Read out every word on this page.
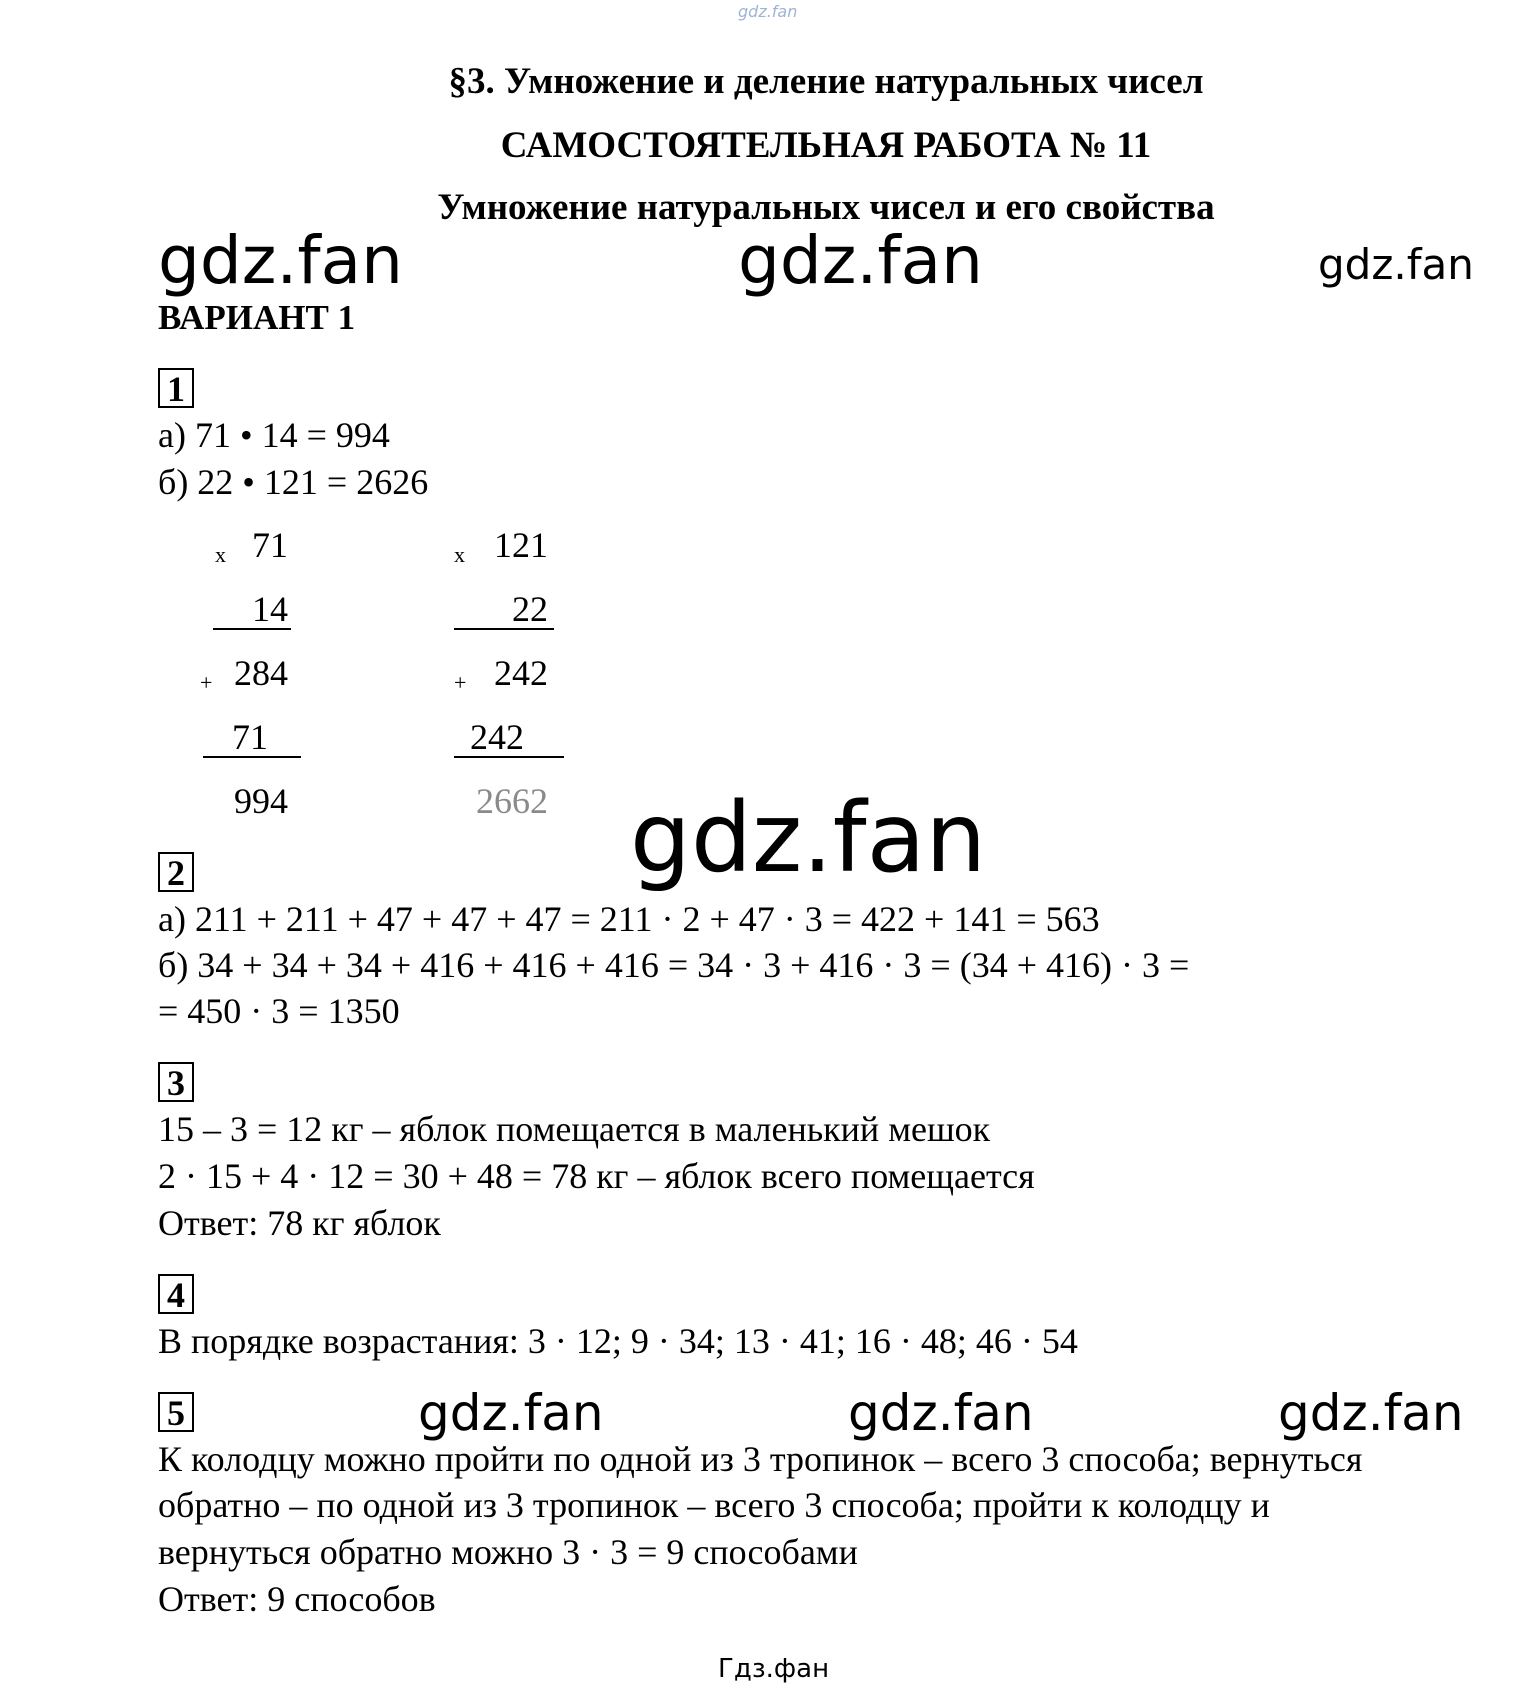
gdz.fan
§3. Умножение и деление натуральных чисел
САМОСТОЯТЕЛЬНАЯ РАБОТА № 11
Умножение натуральных чисел и его свойства
gdz.fan	gdz.fan	gdz.fan
ВАРИАНТ 1
1
а) 71 • 14 = 994
б) 22 • 121 = 2626
x 71
14
+ 284
71
994
x 121
22
+ 242
242
2662 gdz.fan
2
а) 211 + 211 + 47 + 47 + 47 = 211 · 2 + 47 · 3 = 422 + 141 = 563
б) 34 + 34 + 34 + 416 + 416 + 416 = 34 · 3 + 416 · 3 = (34 + 416) · 3 =
= 450 · 3 = 1350
3
15 – 3 = 12 кг – яблок помещается в маленький мешок
2 · 15 + 4 · 12 = 30 + 48 = 78 кг – яблок всего помещается
Ответ: 78 кг яблок
4
В порядке возрастания: 3 · 12; 9 · 34; 13 · 41; 16 · 48; 46 · 54
5	gdz.fan	gdz.fan	gdz.fan
К колодцу можно пройти по одной из 3 тропинок – всего 3 способа; вернуться
обратно – по одной из 3 тропинок – всего 3 способа; пройти к колодцу и
вернуться обратно можно 3 · 3 = 9 способами
Ответ: 9 способов
Гдз.фан
